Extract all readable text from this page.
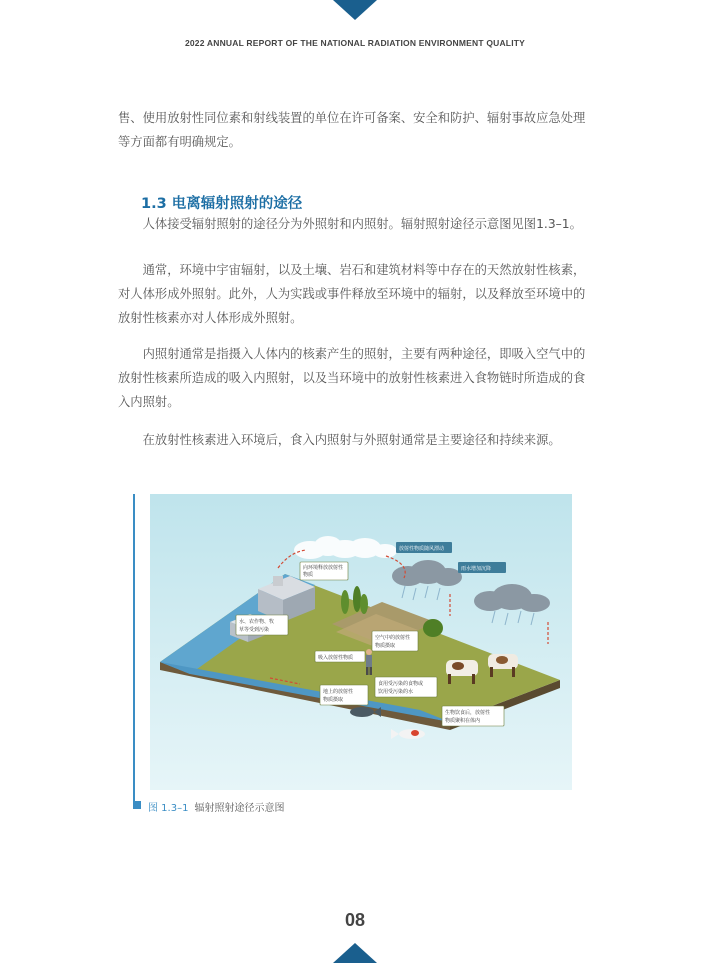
2022 ANNUAL REPORT OF THE NATIONAL RADIATION ENVIRONMENT QUALITY

售、使用放射性同位素和射线装置的单位在许可备案、安全和防护、辐射事故应急处理等方面都有明确规定。

1.3 电离辐射照射的途径

人体接受辐射照射的途径分为外照射和内照射。辐射照射途径示意图见图1.3–1。

通常，环境中宇宙辐射，以及土壤、岩石和建筑材料等中存在的天然放射性核素，对人体形成外照射。此外，人为实践或事件释放至环境中的辐射，以及释放至环境中的放射性核素亦对人体形成外照射。

内照射通常是指摄入人体内的核素产生的照射，主要有两种途径，即吸入空气中的放射性核素所造成的吸入内照射，以及当环境中的放射性核素进入食物链时所造成的食入内照射。

在放射性核素进入环境后，食入内照射与外照射通常是主要途径和持续来源。

向环境释放放射性
物质
放射性物质随风漂动
雨水增加沉降
水、农作物、牧
草等受到污染
空气中的放射性
物质摄取
吸入放射性物质
食用受污染的食物或
饮用受污染的水
地上的放射性
物质摄取
生物饮食后，放射性
物质聚积在体内
图 1.3–1 辐射照射途径示意图
08
